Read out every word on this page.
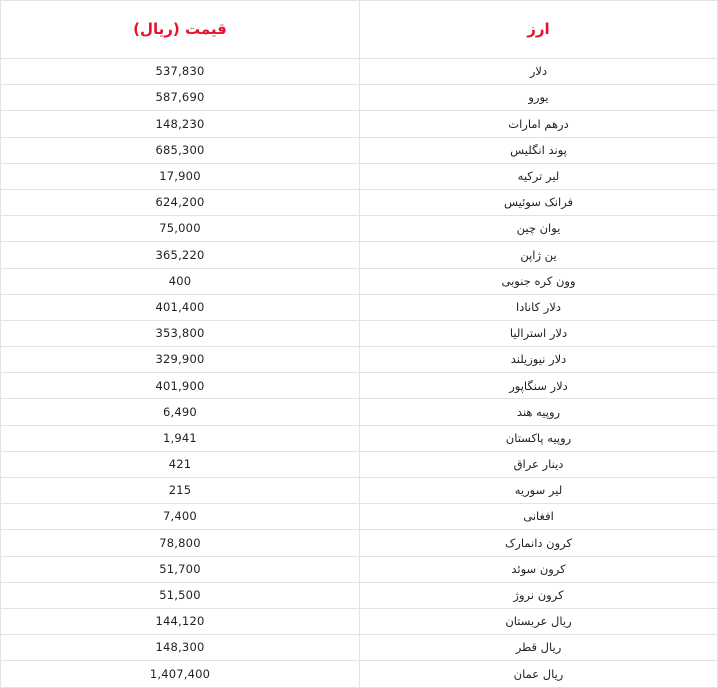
ارز	قیمت (ریال)

دلار	537,830

یورو	587,690

درهم امارات	148,230

پوند انگلیس	685,300

لیر ترکیه	17,900

فرانک سوئیس	624,200

یوان چین	75,000

ین ژاپن	365,220

وون کره جنوبی	400

دلار کانادا	401,400

دلار استرالیا	353,800

دلار نیوزیلند	329,900

دلار سنگاپور	401,900

روپیه هند	6,490

روپیه پاکستان	1,941

دینار عراق	421

لیر سوریه	215

افغانی	7,400

کرون دانمارک	78,800

کرون سوئد	51,700

کرون نروژ	51,500

ریال عربستان	144,120

ریال قطر	148,300

ریال عمان	1,407,400
